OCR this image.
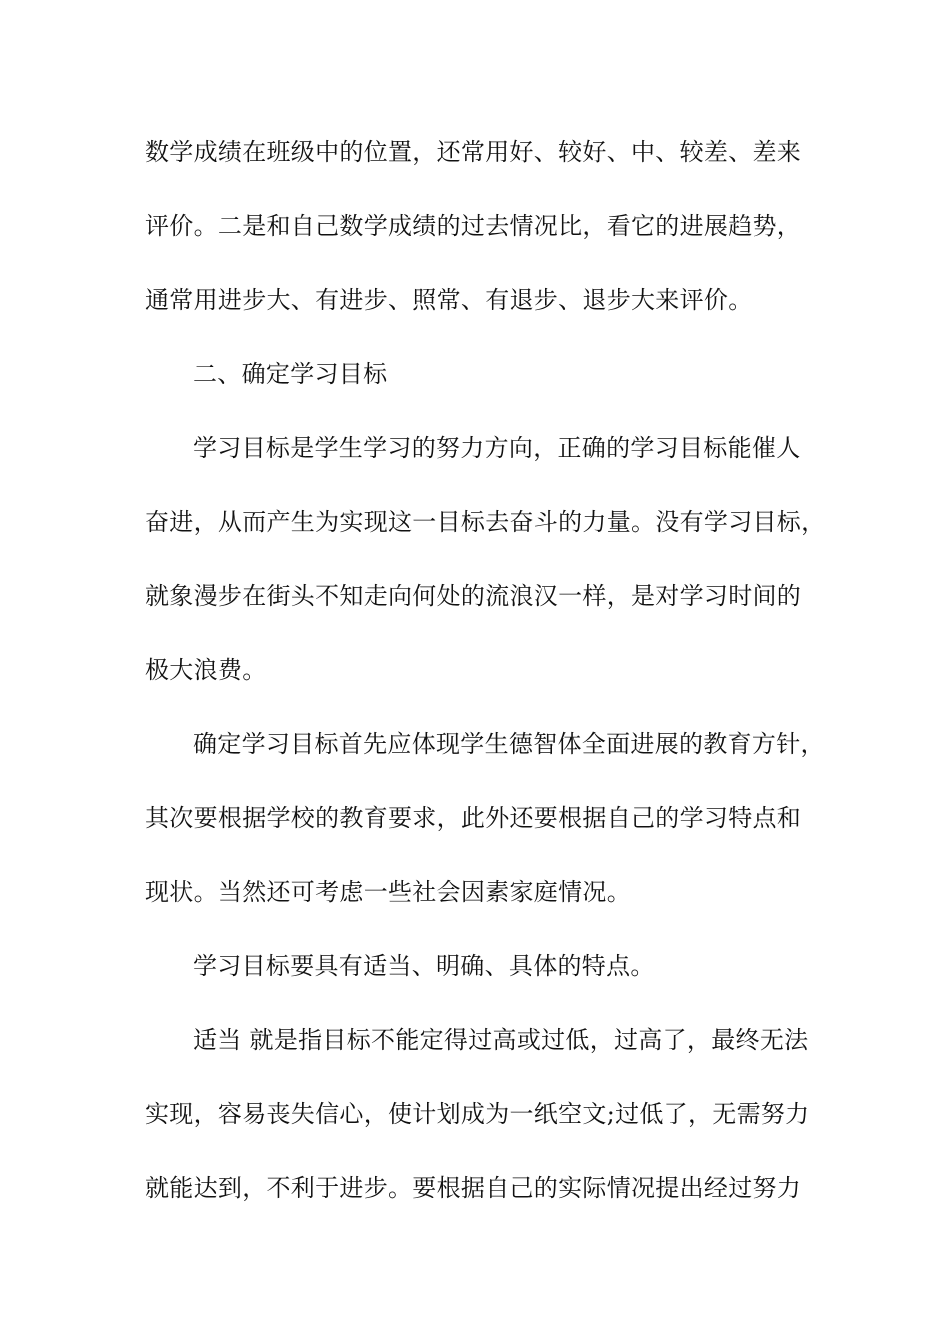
数学成绩在班级中的位置，还常用好、较好、中、较差、差来
评价。二是和自己数学成绩的过去情况比，看它的进展趋势，
通常用进步大、有进步、照常、有退步、退步大来评价。
二、确定学习目标
学习目标是学生学习的努力方向，正确的学习目标能催人
奋进，从而产生为实现这一目标去奋斗的力量。没有学习目标，
就象漫步在街头不知走向何处的流浪汉一样，是对学习时间的
极大浪费。
确定学习目标首先应体现学生德智体全面进展的教育方针，
其次要根据学校的教育要求，此外还要根据自己的学习特点和
现状。当然还可考虑一些社会因素家庭情况。
学习目标要具有适当、明确、具体的特点。
适当 就是指目标不能定得过高或过低，过高了，最终无法
实现，容易丧失信心，使计划成为一纸空文;过低了，无需努力
就能达到，不利于进步。要根据自己的实际情况提出经过努力
